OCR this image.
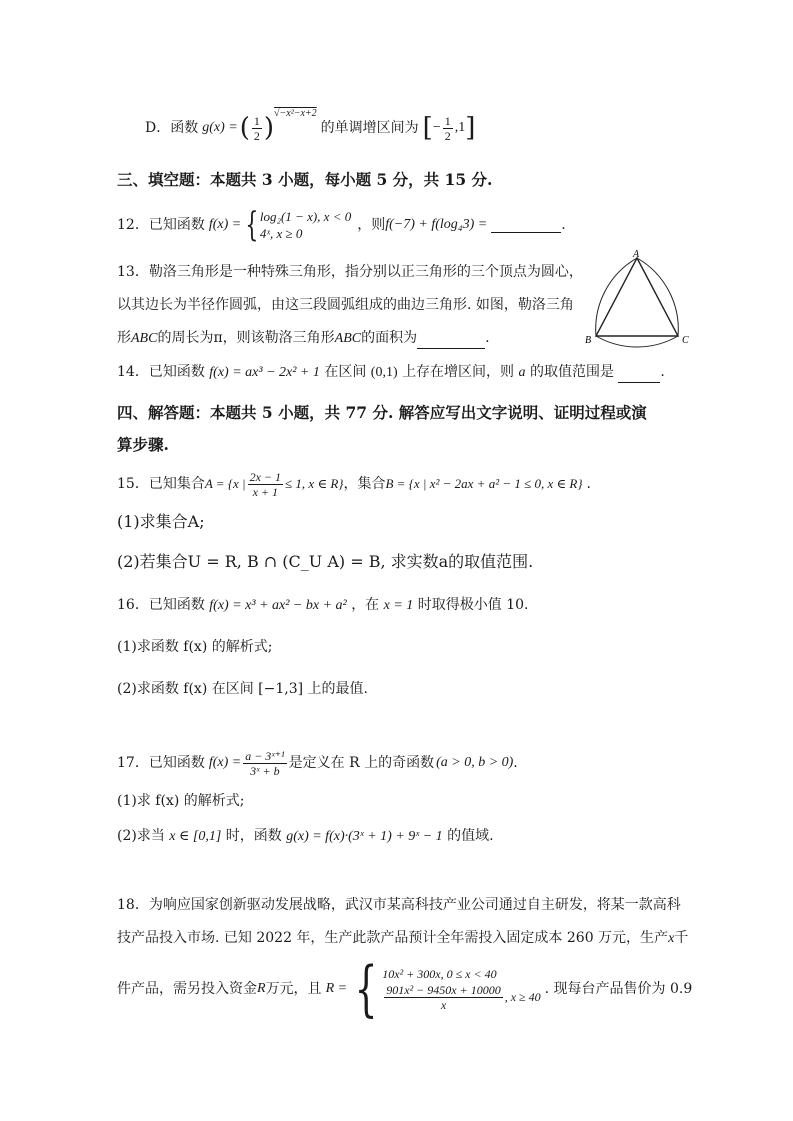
D．函数 g(x) = ( $\frac{1}{2}$ ) √−x²−x+2
的单调增区间为 [ − $\frac{1}{2} ,1$ ]
三、填空题：本题共 3 小题，每小题 5 分，共 15 分.
12．已知函数 f(x) = { log₂(1 − x), x < 0
4ˣ, x ≥ 0
，则 f(−7) + f(log₄3) =	.
13．勒洛三角形是一种特殊三角形，指分别以正三角形的三个顶点为圆心，
以其边长为半径作圆弧，由这三段圆弧组成的曲边三角形. 如图，勒洛三角
形ABC的周长为π，则该勒洛三角形ABC的面积为	.
A
B	C
14．已知函数 f(x) = ax³ − 2x² + 1 在区间 (0,1) 上存在增区间，则 a 的取值范围是	.
四、解答题：本题共 5 小题，共 77 分. 解答应写出文字说明、证明过程或演
算步骤.
15．已知集合 A = {x | $\frac{2x - 1}{x + 1} \le 1$, x ∈ R} ，集合 B = {x | x² − 2ax + a² − 1 ≤ 0, x ∈ R} .
(1)求集合A;
(2)若集合U = R, B ∩ (C_U A) = B, 求实数a的取值范围.
16．已知函数 f(x) = x³ + ax² − bx + a² ，在 x = 1 时取得极小值 10.
(1)求函数 f(x) 的解析式;
(2)求函数 f(x) 在区间 [−1,3] 上的最值.
17．已知函数 $f(x) = \frac{\text{a − 3ˣ⁺¹}}{\text{3ˣ + b}}$ 是定义在 R 上的奇函数 (a > 0, b > 0) .
(1)求 f(x) 的解析式;
(2)求当 x ∈ [0,1] 时，函数 g(x) = f(x)·(3ˣ + 1) + 9ˣ − 1 的值域.
18．为响应国家创新驱动发展战略，武汉市某高科技产业公司通过自主研发，将某一款高科
技产品投入市场. 已知 2022 年，生产此款产品预计全年需投入固定成本 260 万元，生产x千
件产品，需另投入资金 R 万元，且 R = { 10x² + 300x, 0 ≤ x < 40
$\frac{\text{901x² − 9450x + 10000}}{x}$ , x ≥ 40 . 现每台产品售价为 0.9
